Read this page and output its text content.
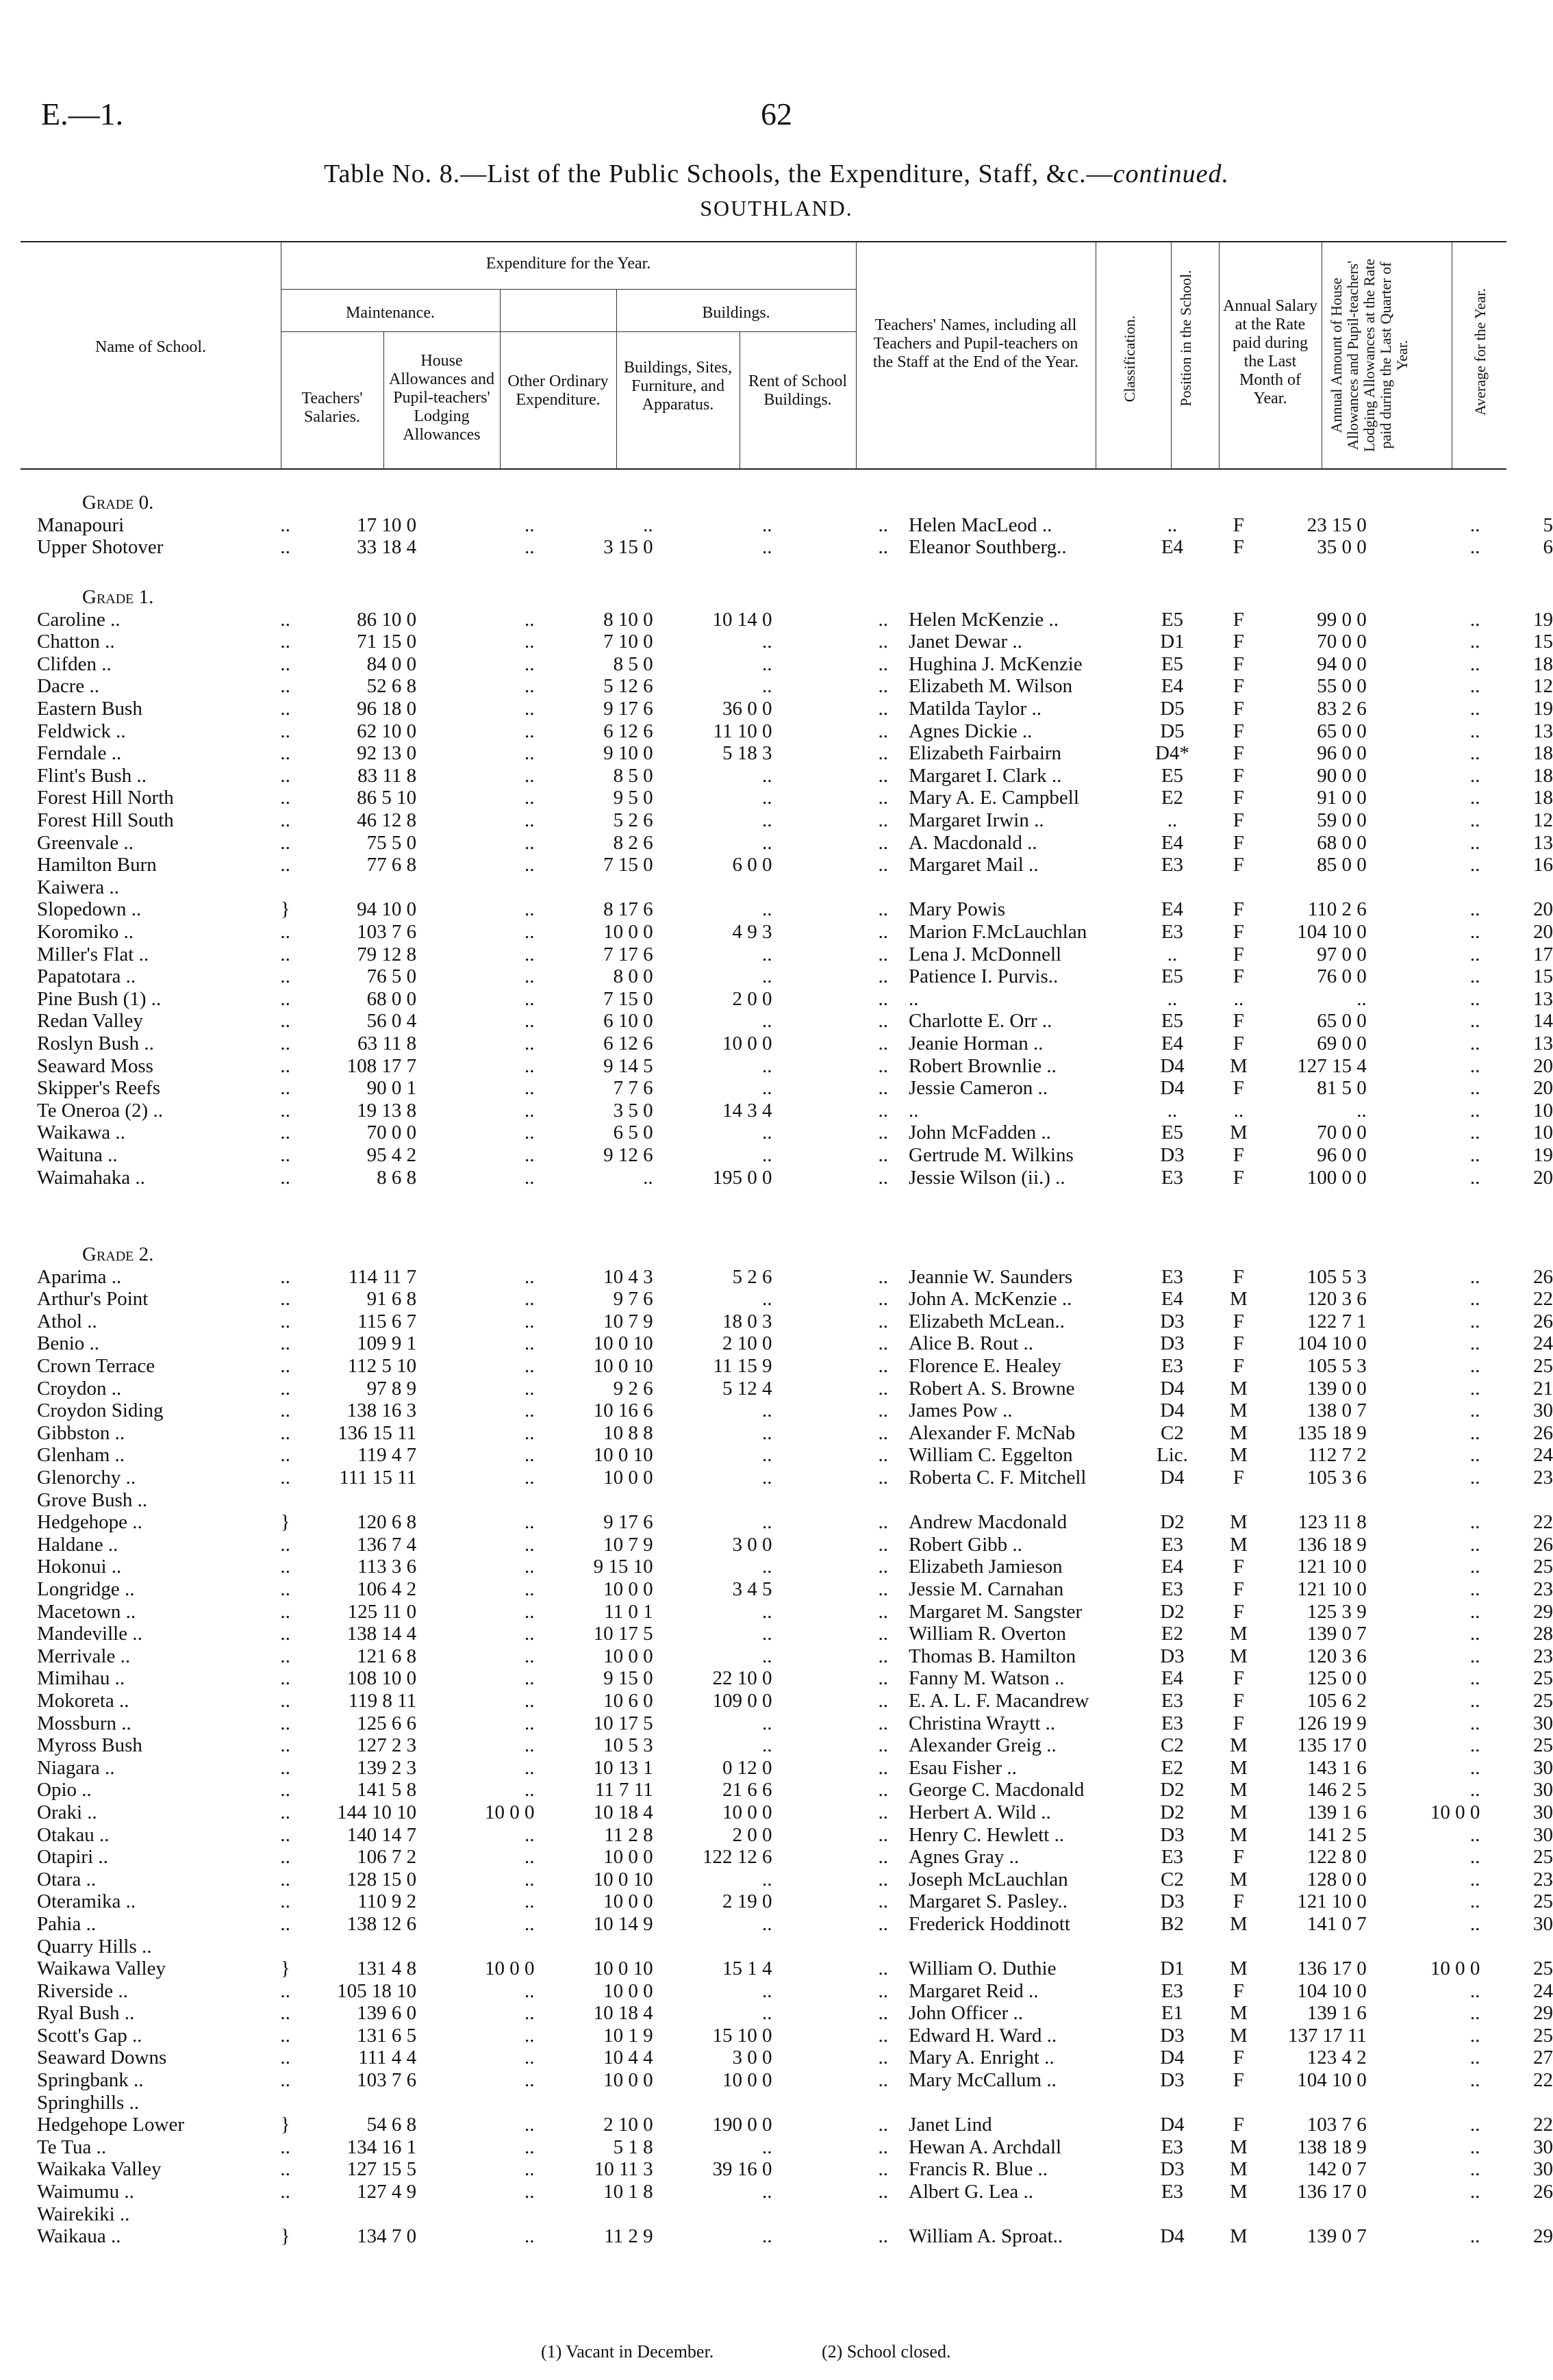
E.—1.	62
Table No. 8.—List of the Public Schools, the Expenditure, Staff, &c.—continued.
SOUTHLAND.
Name of School.
Expenditure for the Year.
Maintenance.	Buildings.
Teachers' Salaries.
House Allowances and Pupil-teachers' Lodging Allowances
Other Ordinary Expenditure.
Buildings, Sites, Furniture, and Apparatus.
Rent of School Buildings.
Teachers' Names, including all Teachers and Pupil-teachers on the Staff at the End of the Year.	Classification.	Position in the School. Annual Salary at the Rate paid during the Last Month of Year.	Annual Amount of House Allowances and Pupil-teachers' Lodging Allowances at the Rate paid during the Last Quarter of Year.	Average for the Year.
Grade 0.												
Manapouri	..	17 10 0	..	..	..	..	Helen MacLeod ..	..	F	23 15 0	..	5
Upper Shotover	..	33 18 4	..	3 15 0	..	..	Eleanor Southberg..	E4	F	35 0 0	..	6

Grade 1.												
Caroline ..	..	86 10 0	..	8 10 0	10 14 0	..	Helen McKenzie ..	E5	F	99 0 0	..	19
Chatton ..	..	71 15 0	..	7 10 0	..	..	Janet Dewar ..	D1	F	70 0 0	..	15
Clifden ..	..	84 0 0	..	8 5 0	..	..	Hughina J. McKenzie	E5	F	94 0 0	..	18
Dacre ..	..	52 6 8	..	5 12 6	..	..	Elizabeth M. Wilson	E4	F	55 0 0	..	12
Eastern Bush	..	96 18 0	..	9 17 6	36 0 0	..	Matilda Taylor ..	D5	F	83 2 6	..	19
Feldwick ..	..	62 10 0	..	6 12 6	11 10 0	..	Agnes Dickie ..	D5	F	65 0 0	..	13
Ferndale ..	..	92 13 0	..	9 10 0	5 18 3	..	Elizabeth Fairbairn	D4*	F	96 0 0	..	18
Flint's Bush ..	..	83 11 8	..	8 5 0	..	..	Margaret I. Clark ..	E5	F	90 0 0	..	18
Forest Hill North	..	86 5 10	..	9 5 0	..	..	Mary A. E. Campbell	E2	F	91 0 0	..	18
Forest Hill South	..	46 12 8	..	5 2 6	..	..	Margaret Irwin ..	..	F	59 0 0	..	12
Greenvale ..	..	75 5 0	..	8 2 6	..	..	A. Macdonald ..	E4	F	68 0 0	..	13
Hamilton Burn	..	77 6 8	..	7 15 0	6 0 0	..	Margaret Mail ..	E3	F	85 0 0	..	16
Kaiwera ..												
Slopedown ..	}	94 10 0	..	8 17 6	..	..	Mary Powis	E4	F	110 2 6	..	20
Koromiko ..	..	103 7 6	..	10 0 0	4 9 3	..	Marion F.McLauchlan	E3	F	104 10 0	..	20
Miller's Flat ..	..	79 12 8	..	7 17 6	..	..	Lena J. McDonnell	..	F	97 0 0	..	17
Papatotara ..	..	76 5 0	..	8 0 0	..	..	Patience I. Purvis..	E5	F	76 0 0	..	15
Pine Bush (1) ..	..	68 0 0	..	7 15 0	2 0 0	..	..	..	..	..	..	13
Redan Valley	..	56 0 4	..	6 10 0	..	..	Charlotte E. Orr ..	E5	F	65 0 0	..	14
Roslyn Bush ..	..	63 11 8	..	6 12 6	10 0 0	..	Jeanie Horman ..	E4	F	69 0 0	..	13
Seaward Moss	..	108 17 7	..	9 14 5	..	..	Robert Brownlie ..	D4	M	127 15 4	..	20
Skipper's Reefs	..	90 0 1	..	7 7 6	..	..	Jessie Cameron ..	D4	F	81 5 0	..	20
Te Oneroa (2) ..	..	19 13 8	..	3 5 0	14 3 4	..	..	..	..	..	..	10
Waikawa ..	..	70 0 0	..	6 5 0	..	..	John McFadden ..	E5	M	70 0 0	..	10
Waituna ..	..	95 4 2	..	9 12 6	..	..	Gertrude M. Wilkins	D3	F	96 0 0	..	19
Waimahaka ..	..	8 6 8	..	..	195 0 0	..	Jessie Wilson (ii.) ..	E3	F	100 0 0	..	20

Grade 2.												
Aparima ..	..	114 11 7	..	10 4 3	5 2 6	..	Jeannie W. Saunders	E3	F	105 5 3	..	26
Arthur's Point	..	91 6 8	..	9 7 6	..	..	John A. McKenzie ..	E4	M	120 3 6	..	22
Athol ..	..	115 6 7	..	10 7 9	18 0 3	..	Elizabeth McLean..	D3	F	122 7 1	..	26
Benio ..	..	109 9 1	..	10 0 10	2 10 0	..	Alice B. Rout ..	D3	F	104 10 0	..	24
Crown Terrace	..	112 5 10	..	10 0 10	11 15 9	..	Florence E. Healey	E3	F	105 5 3	..	25
Croydon ..	..	97 8 9	..	9 2 6	5 12 4	..	Robert A. S. Browne	D4	M	139 0 0	..	21
Croydon Siding	..	138 16 3	..	10 16 6	..	..	James Pow ..	D4	M	138 0 7	..	30
Gibbston ..	..	136 15 11	..	10 8 8	..	..	Alexander F. McNab	C2	M	135 18 9	..	26
Glenham ..	..	119 4 7	..	10 0 10	..	..	William C. Eggelton	Lic.	M	112 7 2	..	24
Glenorchy ..	..	111 15 11	..	10 0 0	..	..	Roberta C. F. Mitchell	D4	F	105 3 6	..	23
Grove Bush ..												
Hedgehope ..	}	120 6 8	..	9 17 6	..	..	Andrew Macdonald	D2	M	123 11 8	..	22
Haldane ..	..	136 7 4	..	10 7 9	3 0 0	..	Robert Gibb ..	E3	M	136 18 9	..	26
Hokonui ..	..	113 3 6	..	9 15 10	..	..	Elizabeth Jamieson	E4	F	121 10 0	..	25
Longridge ..	..	106 4 2	..	10 0 0	3 4 5	..	Jessie M. Carnahan	E3	F	121 10 0	..	23
Macetown ..	..	125 11 0	..	11 0 1	..	..	Margaret M. Sangster	D2	F	125 3 9	..	29
Mandeville ..	..	138 14 4	..	10 17 5	..	..	William R. Overton	E2	M	139 0 7	..	28
Merrivale ..	..	121 6 8	..	10 0 0	..	..	Thomas B. Hamilton	D3	M	120 3 6	..	23
Mimihau ..	..	108 10 0	..	9 15 0	22 10 0	..	Fanny M. Watson ..	E4	F	125 0 0	..	25
Mokoreta ..	..	119 8 11	..	10 6 0	109 0 0	..	E. A. L. F. Macandrew	E3	F	105 6 2	..	25
Mossburn ..	..	125 6 6	..	10 17 5	..	..	Christina Wraytt ..	E3	F	126 19 9	..	30
Myross Bush	..	127 2 3	..	10 5 3	..	..	Alexander Greig ..	C2	M	135 17 0	..	25
Niagara ..	..	139 2 3	..	10 13 1	0 12 0	..	Esau Fisher ..	E2	M	143 1 6	..	30
Opio ..	..	141 5 8	..	11 7 11	21 6 6	..	George C. Macdonald	D2	M	146 2 5	..	30
Oraki ..	..	144 10 10	10 0 0	10 18 4	10 0 0	..	Herbert A. Wild ..	D2	M	139 1 6	10 0 0	30
Otakau ..	..	140 14 7	..	11 2 8	2 0 0	..	Henry C. Hewlett ..	D3	M	141 2 5	..	30
Otapiri ..	..	106 7 2	..	10 0 0	122 12 6	..	Agnes Gray ..	E3	F	122 8 0	..	25
Otara ..	..	128 15 0	..	10 0 10	..	..	Joseph McLauchlan	C2	M	128 0 0	..	23
Oteramika ..	..	110 9 2	..	10 0 0	2 19 0	..	Margaret S. Pasley..	D3	F	121 10 0	..	25
Pahia ..	..	138 12 6	..	10 14 9	..	..	Frederick Hoddinott	B2	M	141 0 7	..	30
Quarry Hills ..												
Waikawa Valley	}	131 4 8	10 0 0	10 0 10	15 1 4	..	William O. Duthie	D1	M	136 17 0	10 0 0	25
Riverside ..	..	105 18 10	..	10 0 0	..	..	Margaret Reid ..	E3	F	104 10 0	..	24
Ryal Bush ..	..	139 6 0	..	10 18 4	..	..	John Officer ..	E1	M	139 1 6	..	29
Scott's Gap ..	..	131 6 5	..	10 1 9	15 10 0	..	Edward H. Ward ..	D3	M	137 17 11	..	25
Seaward Downs	..	111 4 4	..	10 4 4	3 0 0	..	Mary A. Enright ..	D4	F	123 4 2	..	27
Springbank ..	..	103 7 6	..	10 0 0	10 0 0	..	Mary McCallum ..	D3	F	104 10 0	..	22
Springhills ..												
Hedgehope Lower	}	54 6 8	..	2 10 0	190 0 0	..	Janet Lind	D4	F	103 7 6	..	22
Te Tua ..	..	134 16 1	..	5 1 8	..	..	Hewan A. Archdall	E3	M	138 18 9	..	30
Waikaka Valley	..	127 15 5	..	10 11 3	39 16 0	..	Francis R. Blue ..	D3	M	142 0 7	..	30
Waimumu ..	..	127 4 9	..	10 1 8	..	..	Albert G. Lea ..	E3	M	136 17 0	..	26
Wairekiki ..												
Waikaua ..	}	134 7 0	..	11 2 9	..	..	William A. Sproat..	D4	M	139 0 7	..	29
(1) Vacant in December.	(2) School closed.
